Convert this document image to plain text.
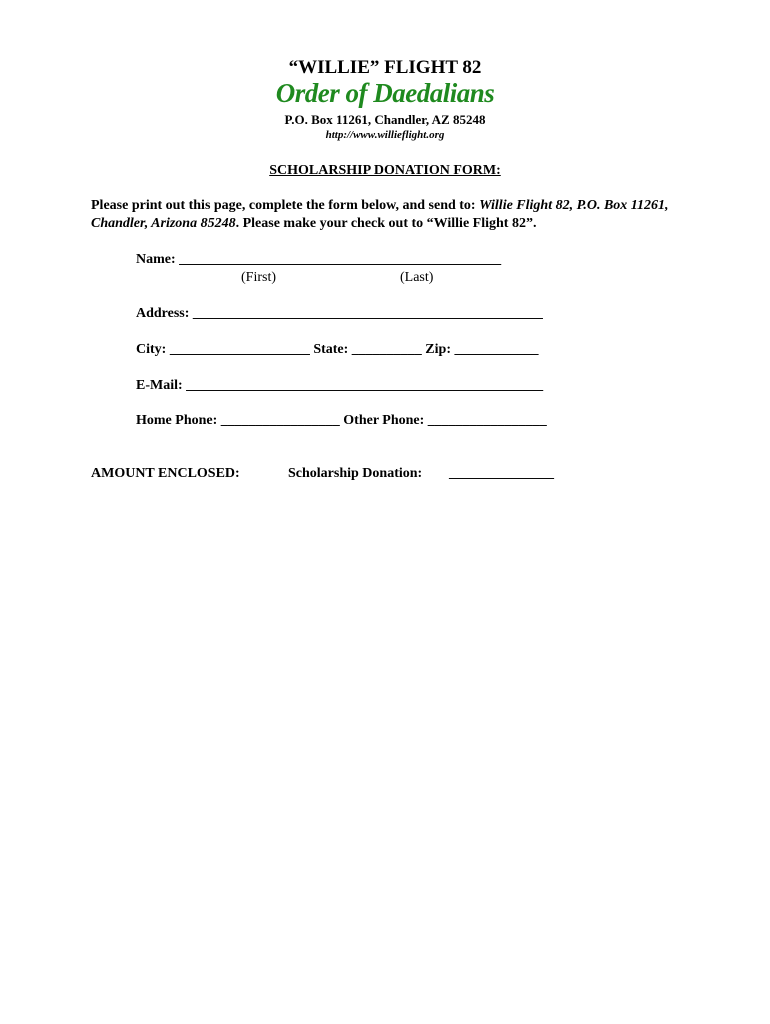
“WILLIE” FLIGHT 82
Order of Daedalians
P.O. Box 11261, Chandler, AZ 85248
http://www.willieflight.org
SCHOLARSHIP DONATION FORM:
Please print out this page, complete the form below, and send to: Willie Flight 82, P.O. Box 11261, Chandler, Arizona 85248. Please make your check out to “Willie Flight 82”.
Name: ______________________________________________
(First)	(Last)
Address: __________________________________________________
City: ____________________ State: __________ Zip: ____________
E-Mail: ___________________________________________________
Home Phone: _________________ Other Phone: _________________
AMOUNT ENCLOSED:	Scholarship Donation: _______________
